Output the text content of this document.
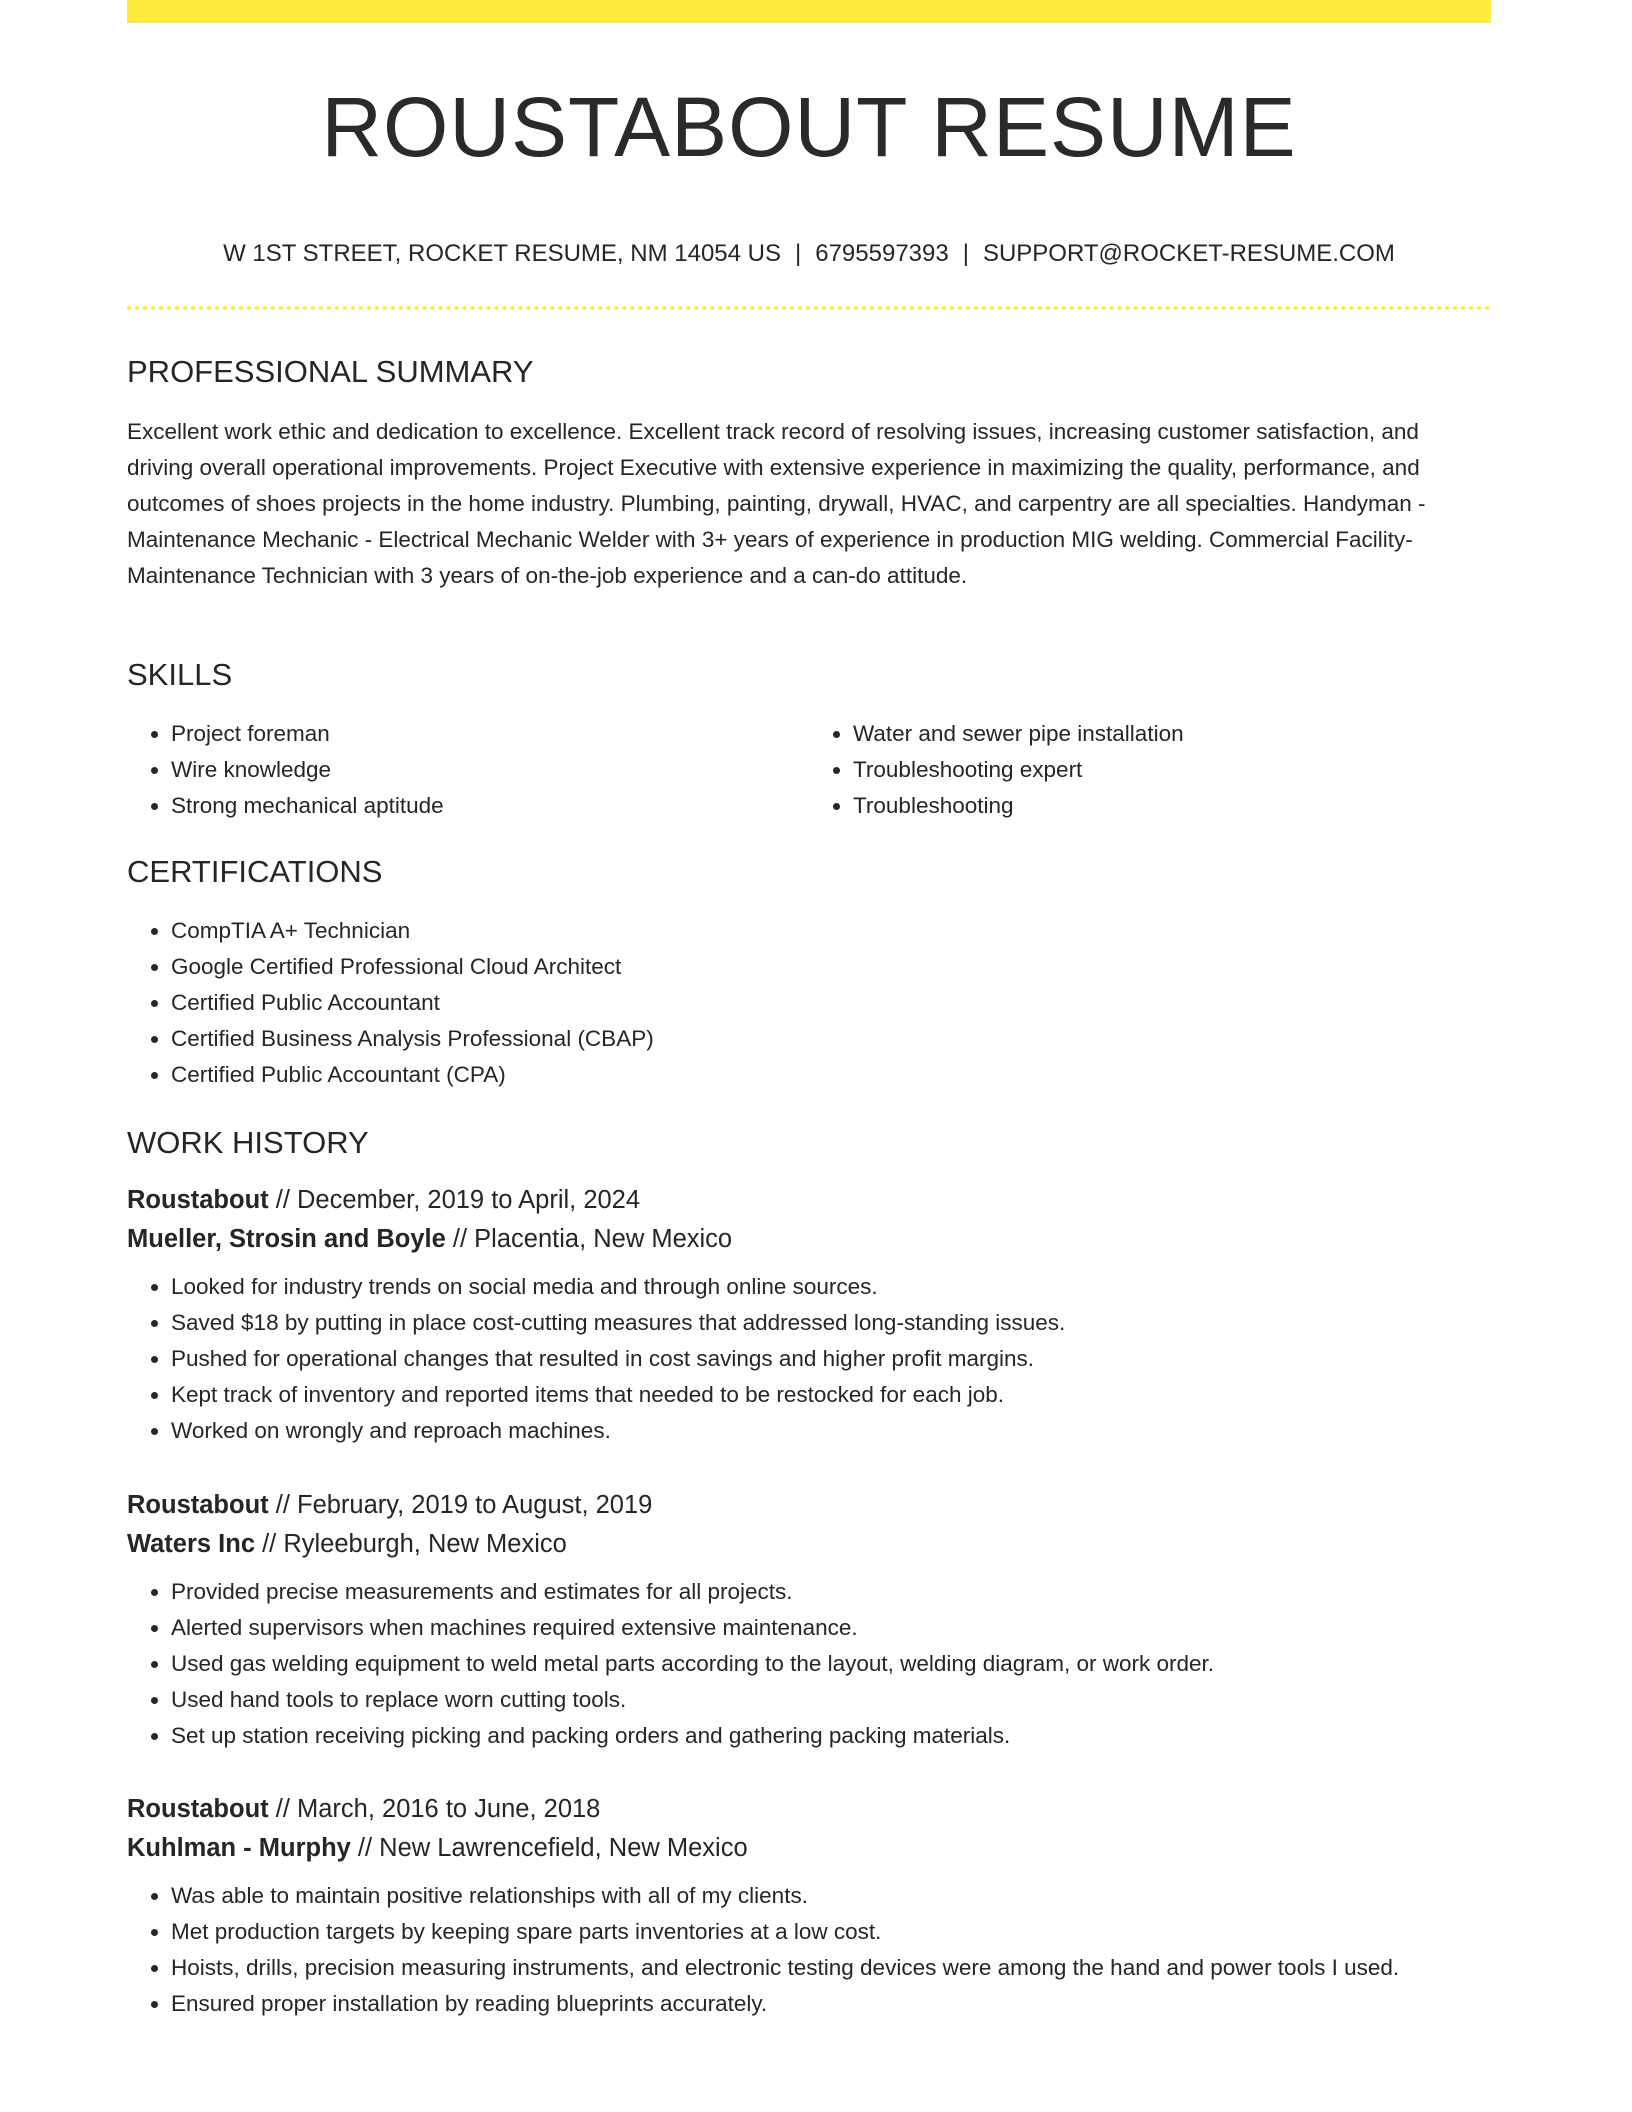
ROUSTABOUT RESUME
W 1ST STREET, ROCKET RESUME, NM 14054 US | 6795597393 | SUPPORT@ROCKET-RESUME.COM
PROFESSIONAL SUMMARY

Excellent work ethic and dedication to excellence. Excellent track record of resolving issues, increasing customer satisfaction, and driving overall operational improvements. Project Executive with extensive experience in maximizing the quality, performance, and outcomes of shoes projects in the home industry. Plumbing, painting, drywall, HVAC, and carpentry are all specialties. Handyman - Maintenance Mechanic - Electrical Mechanic Welder with 3+ years of experience in production MIG welding. Commercial Facility-Maintenance Technician with 3 years of on-the-job experience and a can-do attitude.

SKILLS
• Project foreman
• Wire knowledge
• Strong mechanical aptitude
• Water and sewer pipe installation
• Troubleshooting expert
• Troubleshooting
CERTIFICATIONS
• CompTIA A+ Technician
• Google Certified Professional Cloud Architect
• Certified Public Accountant
• Certified Business Analysis Professional (CBAP)
• Certified Public Accountant (CPA)
WORK HISTORY
Roustabout // December, 2019 to April, 2024
Mueller, Strosin and Boyle // Placentia, New Mexico
• Looked for industry trends on social media and through online sources.
• Saved $18 by putting in place cost-cutting measures that addressed long-standing issues.
• Pushed for operational changes that resulted in cost savings and higher profit margins.
• Kept track of inventory and reported items that needed to be restocked for each job.
• Worked on wrongly and reproach machines.
Roustabout // February, 2019 to August, 2019
Waters Inc // Ryleeburgh, New Mexico
• Provided precise measurements and estimates for all projects.
• Alerted supervisors when machines required extensive maintenance.
• Used gas welding equipment to weld metal parts according to the layout, welding diagram, or work order.
• Used hand tools to replace worn cutting tools.
• Set up station receiving picking and packing orders and gathering packing materials.
Roustabout // March, 2016 to June, 2018
Kuhlman - Murphy // New Lawrencefield, New Mexico
• Was able to maintain positive relationships with all of my clients.
• Met production targets by keeping spare parts inventories at a low cost.
• Hoists, drills, precision measuring instruments, and electronic testing devices were among the hand and power tools I used.
• Ensured proper installation by reading blueprints accurately.
